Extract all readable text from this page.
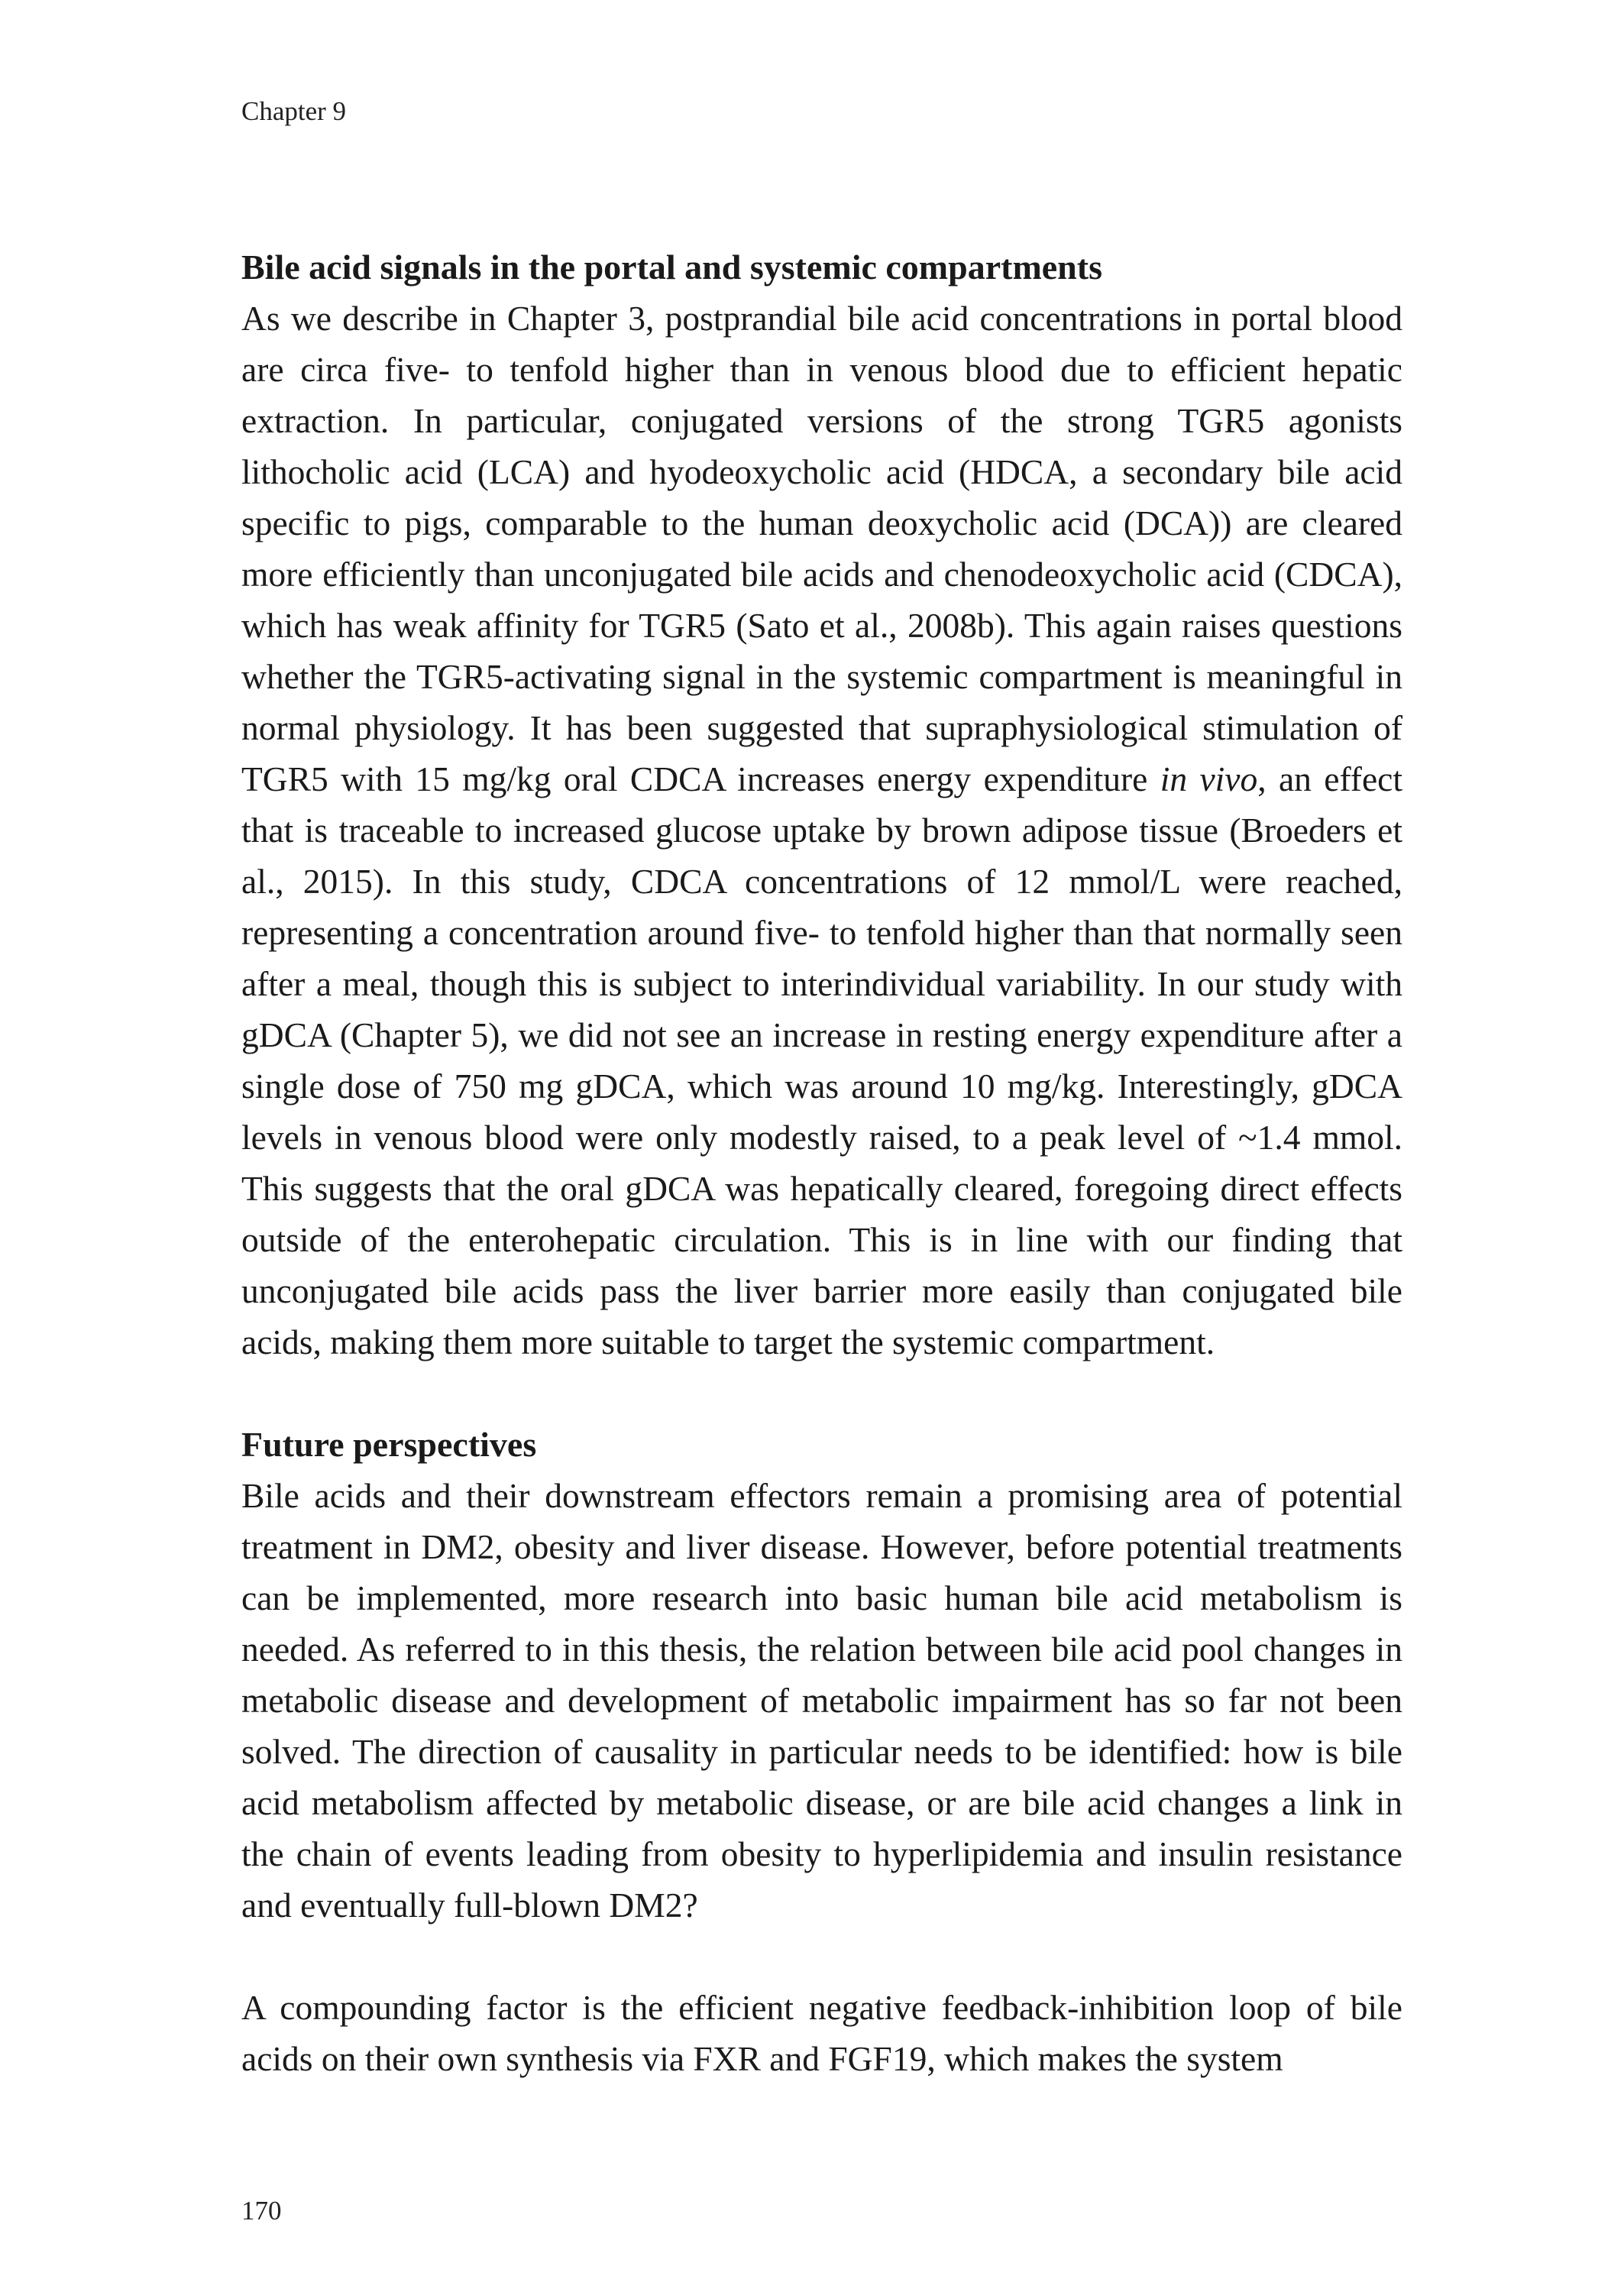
Chapter 9
Bile acid signals in the portal and systemic compartments

As we describe in Chapter 3, postprandial bile acid concentrations in portal blood are circa five- to tenfold higher than in venous blood due to efficient hepatic extraction. In particular, conjugated versions of the strong TGR5 agonists lithocholic acid (LCA) and hyodeoxycholic acid (HDCA, a secondary bile acid specific to pigs, comparable to the human deoxycholic acid (DCA)) are cleared more efficiently than unconjugated bile acids and chenodeoxycholic acid (CDCA), which has weak affinity for TGR5 (Sato et al., 2008b). This again raises questions whether the TGR5-activating signal in the systemic compartment is meaningful in normal physiology. It has been suggested that supraphysiological stimulation of TGR5 with 15 mg/kg oral CDCA increases energy expenditure in vivo, an effect that is traceable to increased glucose uptake by brown adipose tissue (Broeders et al., 2015). In this study, CDCA concentrations of 12 mmol/L were reached, representing a concentration around five- to tenfold higher than that normally seen after a meal, though this is subject to interindividual variability. In our study with gDCA (Chapter 5), we did not see an increase in resting energy expenditure after a single dose of 750 mg gDCA, which was around 10 mg/kg. Interestingly, gDCA levels in venous blood were only modestly raised, to a peak level of ~1.4 mmol. This suggests that the oral gDCA was hepatically cleared, foregoing direct effects outside of the enterohepatic circulation. This is in line with our finding that unconjugated bile acids pass the liver barrier more easily than conjugated bile acids, making them more suitable to target the systemic compartment.

Future perspectives

Bile acids and their downstream effectors remain a promising area of potential treatment in DM2, obesity and liver disease. However, before potential treatments can be implemented, more research into basic human bile acid metabolism is needed. As referred to in this thesis, the relation between bile acid pool changes in metabolic disease and development of metabolic impairment has so far not been solved. The direction of causality in particular needs to be identified: how is bile acid metabolism affected by metabolic disease, or are bile acid changes a link in the chain of events leading from obesity to hyperlipidemia and insulin resistance and eventually full-blown DM2?

A compounding factor is the efficient negative feedback-inhibition loop of bile acids on their own synthesis via FXR and FGF19, which makes the system

170
